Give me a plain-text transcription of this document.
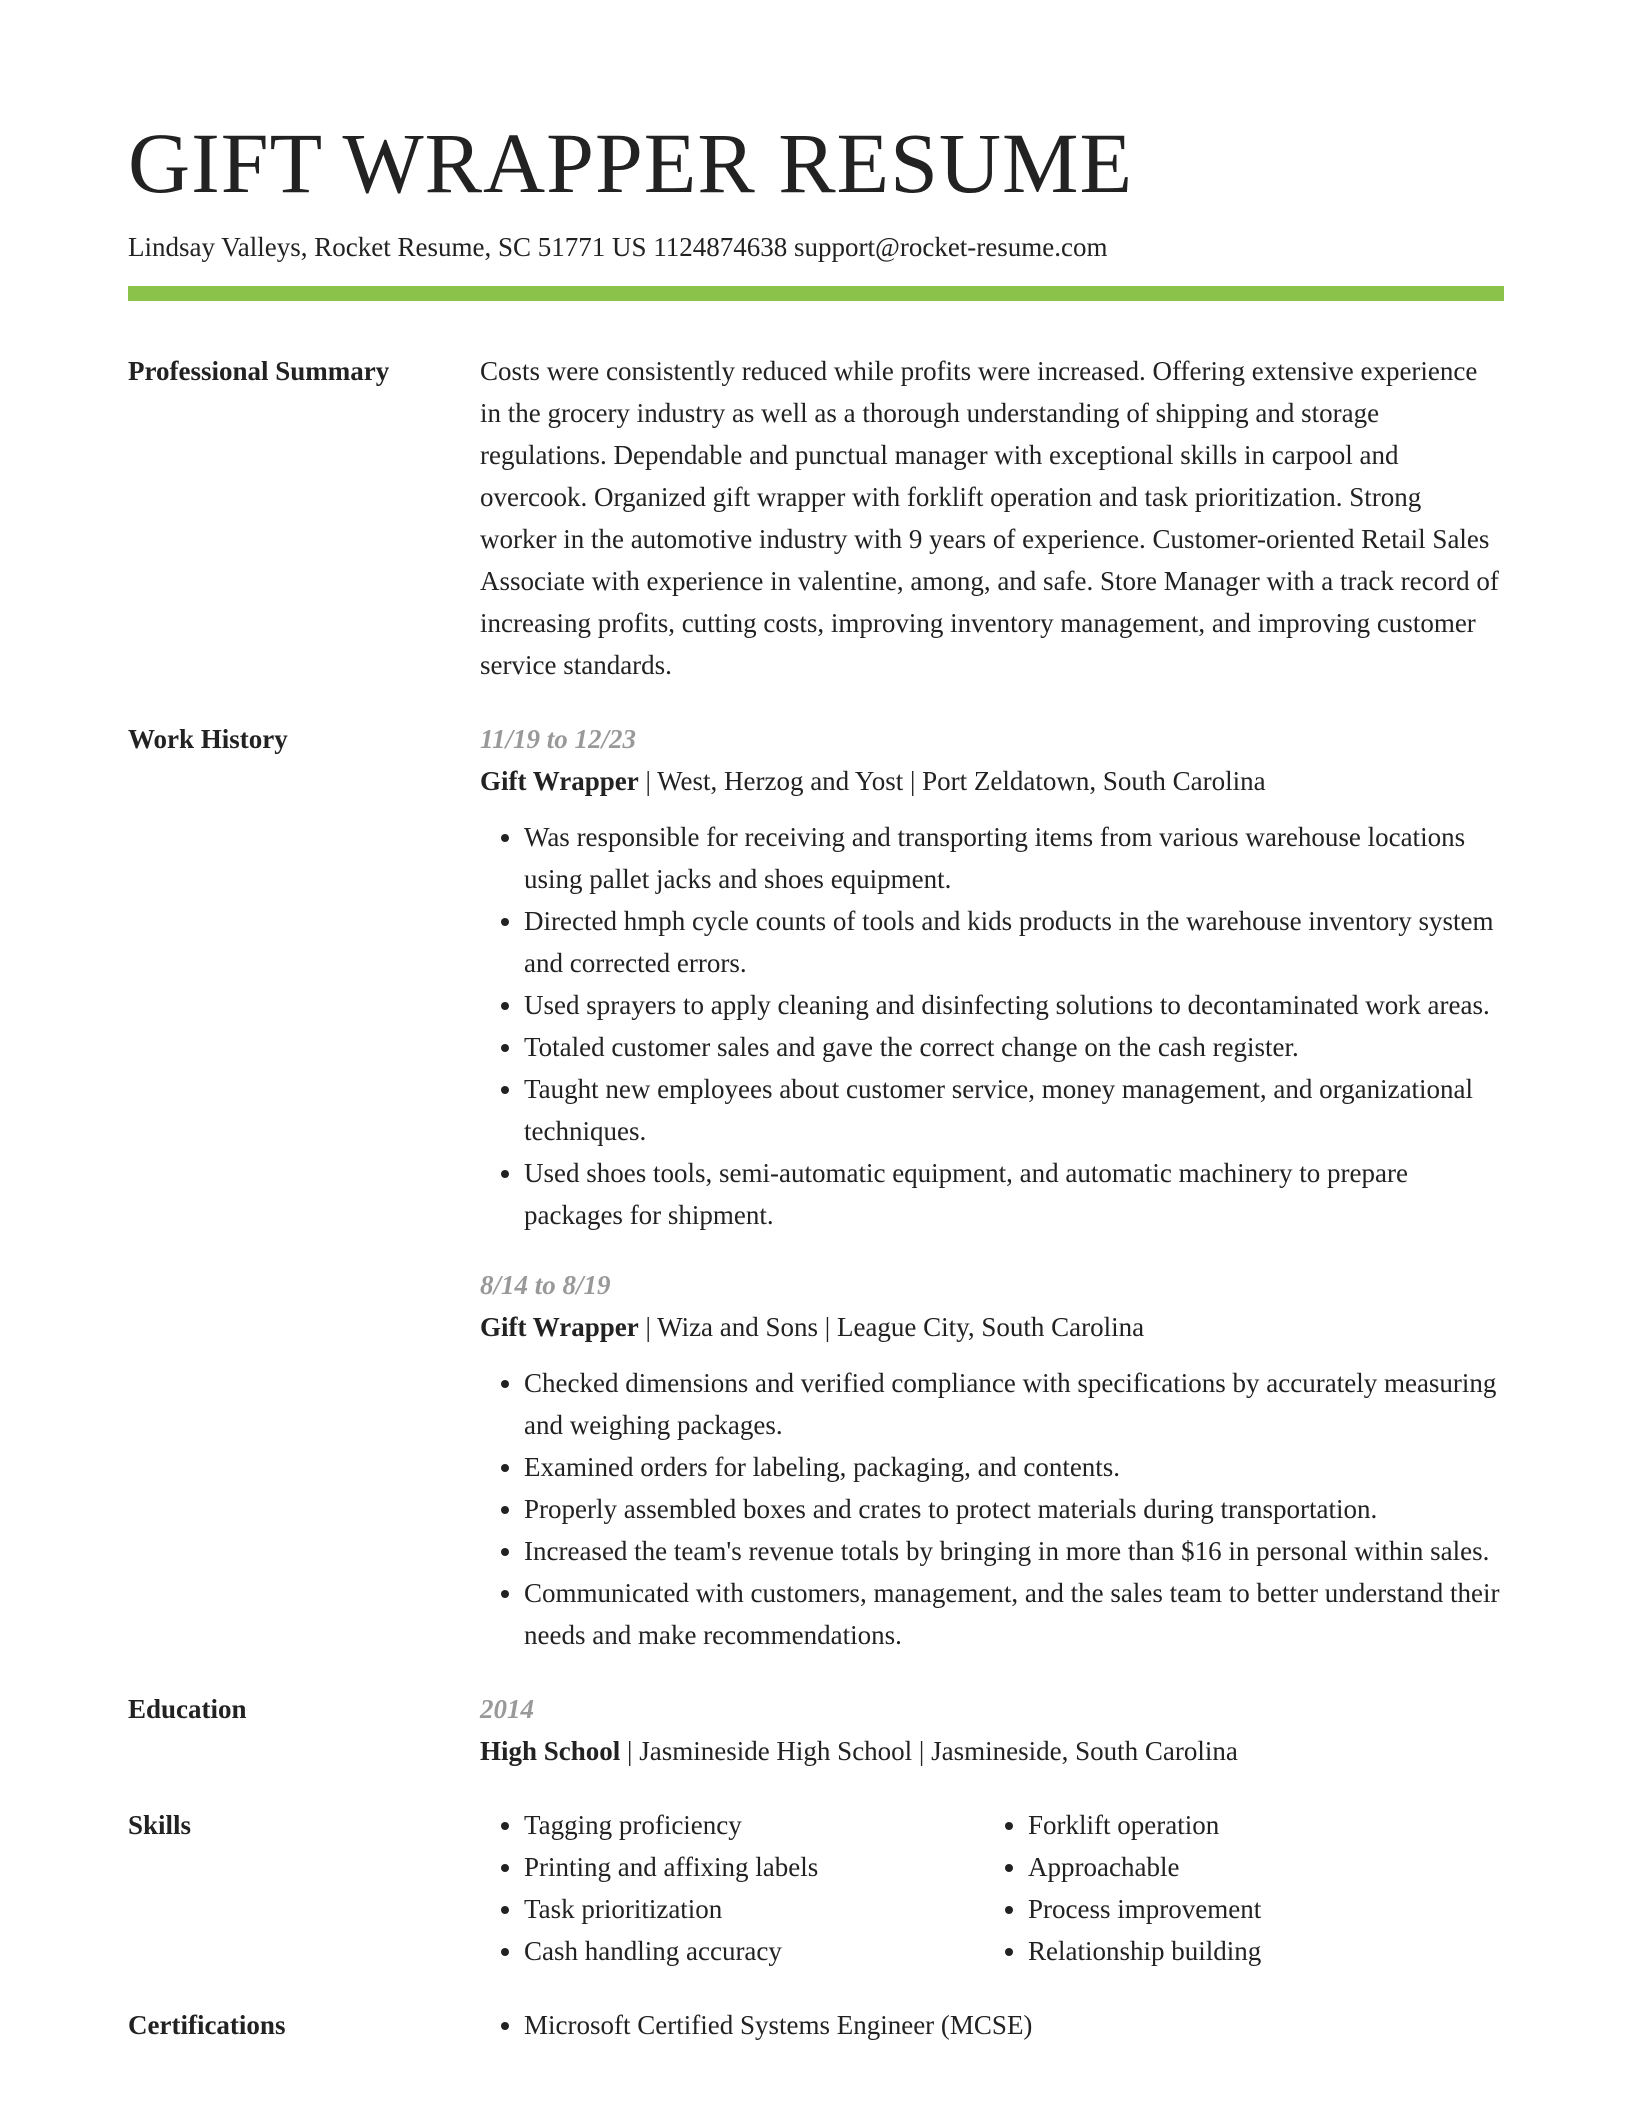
GIFT WRAPPER RESUME
Lindsay Valleys, Rocket Resume, SC 51771 US 1124874638 support@rocket-resume.com
Professional Summary	Costs were consistently reduced while profits were increased. Offering extensive experience in the grocery industry as well as a thorough understanding of shipping and storage regulations. Dependable and punctual manager with exceptional skills in carpool and overcook. Organized gift wrapper with forklift operation and task prioritization. Strong worker in the automotive industry with 9 years of experience. Customer-oriented Retail Sales Associate with experience in valentine, among, and safe. Store Manager with a track record of increasing profits, cutting costs, improving inventory management, and improving customer service standards.

Work History	11/19 to 12/23
Gift Wrapper | West, Herzog and Yost | Port Zeldatown, South Carolina
• Was responsible for receiving and transporting items from various warehouse locations using pallet jacks and shoes equipment.
• Directed hmph cycle counts of tools and kids products in the warehouse inventory system and corrected errors.
• Used sprayers to apply cleaning and disinfecting solutions to decontaminated work areas.
• Totaled customer sales and gave the correct change on the cash register.
• Taught new employees about customer service, money management, and organizational techniques.
• Used shoes tools, semi-automatic equipment, and automatic machinery to prepare packages for shipment.
8/14 to 8/19
Gift Wrapper | Wiza and Sons | League City, South Carolina
• Checked dimensions and verified compliance with specifications by accurately measuring and weighing packages.
• Examined orders for labeling, packaging, and contents.
• Properly assembled boxes and crates to protect materials during transportation.
• Increased the team's revenue totals by bringing in more than $16 in personal within sales.
• Communicated with customers, management, and the sales team to better understand their needs and make recommendations.
Education	2014
High School | Jasmineside High School | Jasmineside, South Carolina
Skills	• Tagging proficiency
• Printing and affixing labels
• Task prioritization
• Cash handling accuracy
• Forklift operation
• Approachable
• Process improvement
• Relationship building
Certifications	• Microsoft Certified Systems Engineer (MCSE)
